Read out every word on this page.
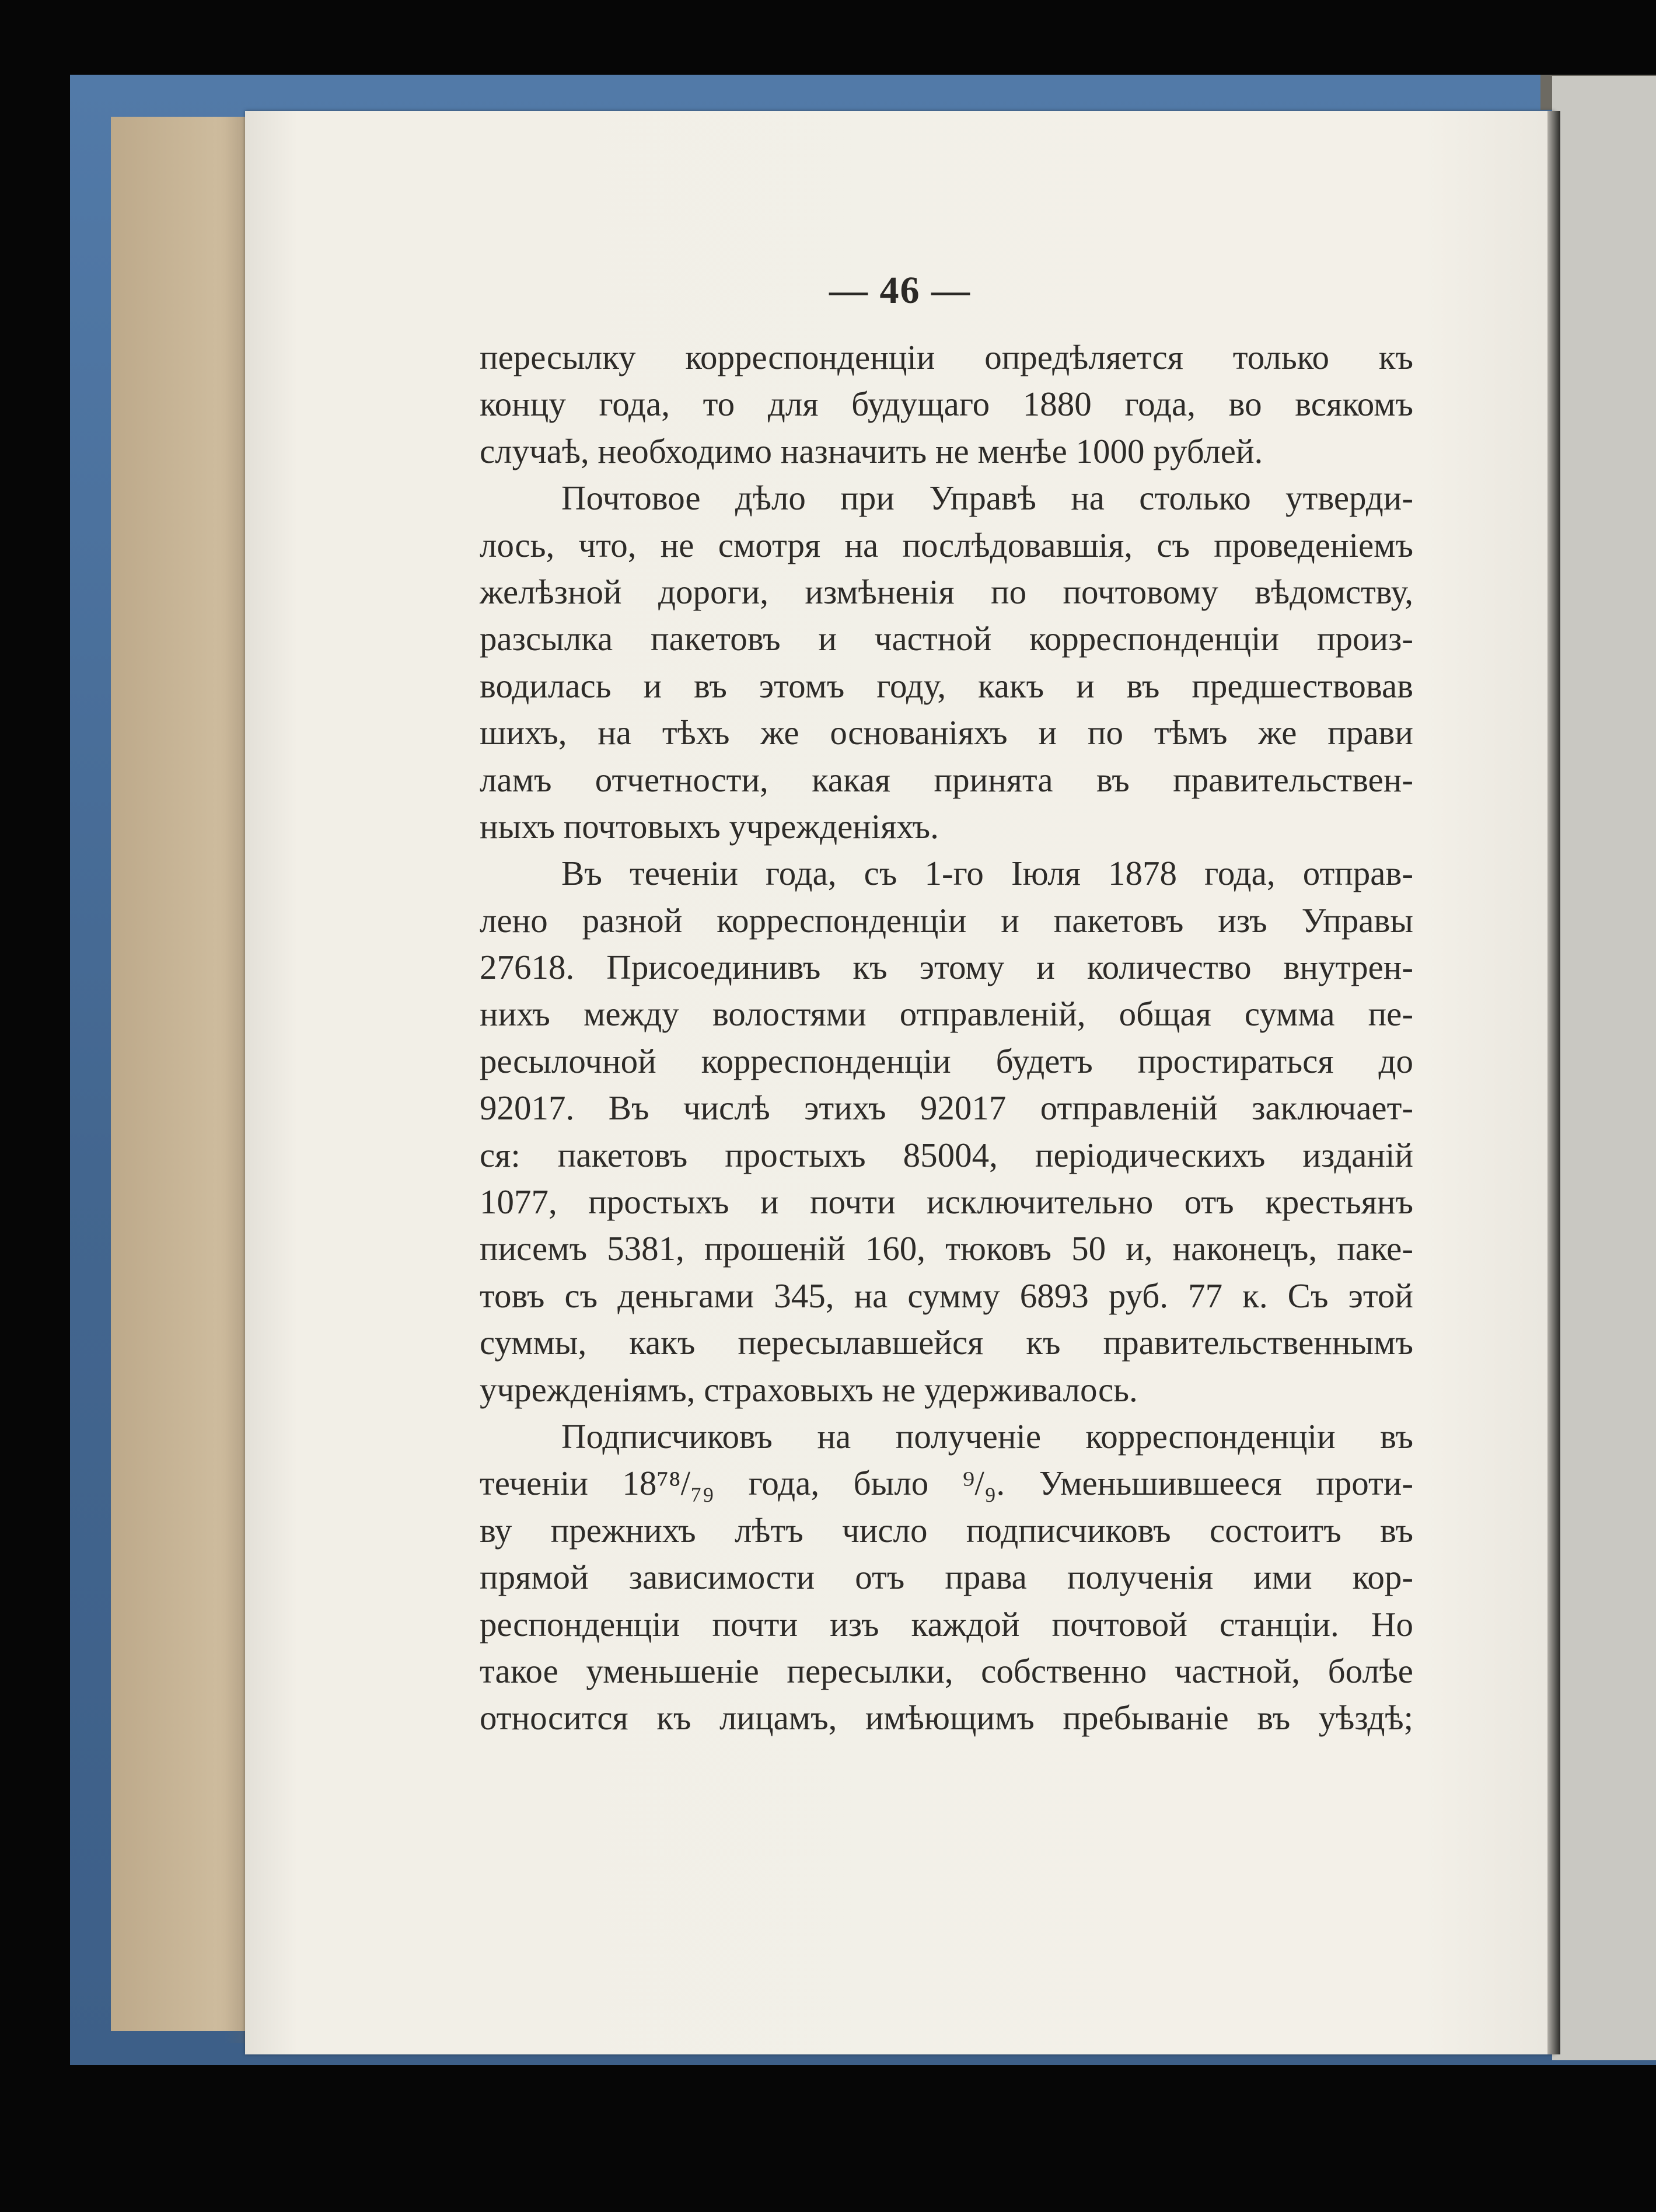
— 46 —
пересылку корреспонденціи опредѣляется только къ
концу года, то для будущаго 1880 года, во всякомъ
случаѣ, необходимо назначить не менѣе 1000 рублей.
Почтовое дѣло при Управѣ на столько утверди-
лось, что, не смотря на послѣдовавшія, съ проведеніемъ
желѣзной дороги, измѣненія по почтовому вѣдомству,
разсылка пакетовъ и частной корреспонденціи произ-
водилась и въ этомъ году, какъ и въ предшествовав
шихъ, на тѣхъ же основаніяхъ и по тѣмъ же прави
ламъ отчетности, какая принята въ правительствен-
ныхъ почтовыхъ учрежденіяхъ.
Въ теченіи года, съ 1-го Іюля 1878 года, отправ-
лено разной корреспонденціи и пакетовъ изъ Управы
27618. Присоединивъ къ этому и количество внутрен-
нихъ между волостями отправленій, общая сумма пе-
ресылочной корреспонденціи будетъ простираться до
92017. Въ числѣ этихъ 92017 отправленій заключает-
ся: пакетовъ простыхъ 85004, періодическихъ изданій
1077, простыхъ и почти исключительно отъ крестьянъ
писемъ 5381, прошеній 160, тюковъ 50 и, наконецъ, паке-
товъ съ деньгами 345, на сумму 6893 руб. 77 к. Съ этой
суммы, какъ пересылавшейся къ правительственнымъ
учрежденіямъ, страховыхъ не удерживалось.
Подписчиковъ на полученіе корреспонденціи въ
теченіи 18⁷⁸/₇₉ года, было ⁹/₉. Уменьшившееся проти-
ву прежнихъ лѣтъ число подписчиковъ состоитъ въ
прямой зависимости отъ права полученія ими кор-
респонденціи почти изъ каждой почтовой станціи. Но
такое уменьшеніе пересылки, собственно частной, болѣе
относится къ лицамъ, имѣющимъ пребываніе въ уѣздѣ;
